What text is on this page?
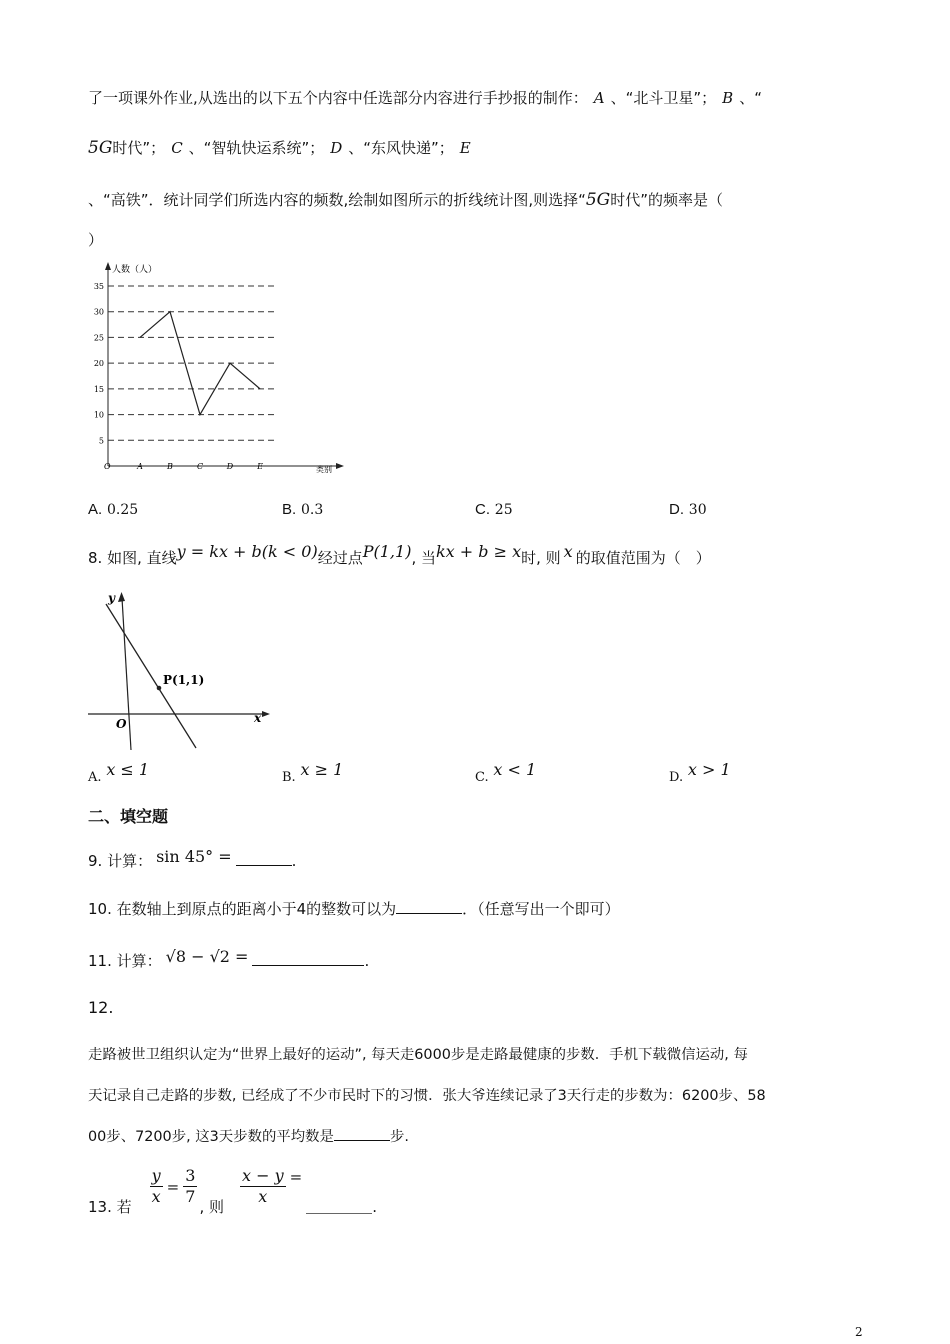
了一项课外作业,从选出的以下五个内容中任选部分内容进行手抄报的制作： A 、“北斗卫星”； B 、“
5G时代”； C 、“智轨快运系统”； D 、“东风快递”； E
、“高铁”．统计同学们所选内容的频数,绘制如图所示的折线统计图,则选择“5G时代”的频率是（
）
人数（人）
类别
O
5
10
15
20
25
30
35
A	B	C	D	E
A. 0.25	B. 0.3	C. 25	D. 30
8. 如图, 直线y = kx + b(k < 0)经过点P(1,1), 当kx + b ≥ x时, 则 x 的取值范围为（　）
y
x
O
P(1,1)
A. x ≤ 1	B. x ≥ 1	C. x < 1	D. x > 1
二、填空题
9. 计算： sin 45° =	.
10. 在数轴上到原点的距离小于4的整数可以为	．（任意写出一个即可）
11. 计算： √8 − √2 =	.
12.
走路被世卫组织认定为“世界上最好的运动”, 每天走6000步是走路最健康的步数．手机下载微信运动, 每
天记录自己走路的步数, 已经成了不少市民时下的习惯．张大爷连续记录了3天行走的步数为：6200步、58
00步、7200步, 这3天步数的平均数是	步.
13. 若 $\frac{y}{x} = \frac{3}{7}$ , 则 $\frac{x - y}{x}$ =
.
2
